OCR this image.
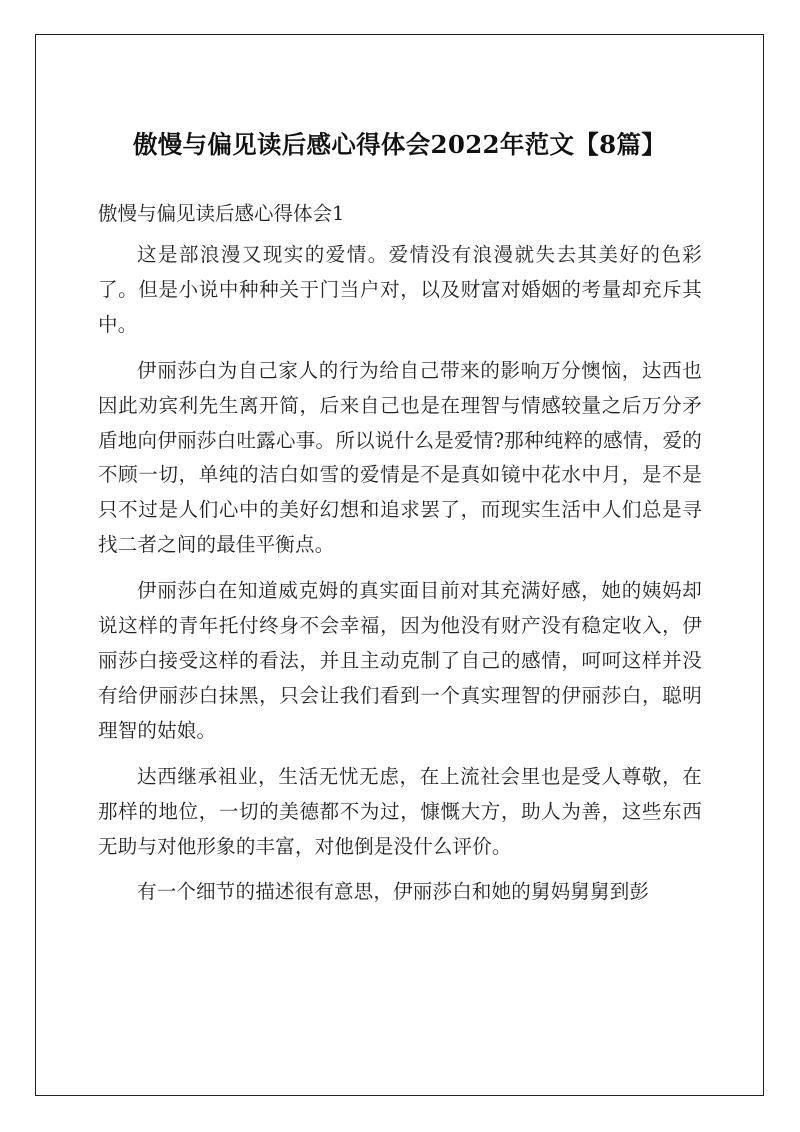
傲慢与偏见读后感心得体会2022年范文【8篇】

傲慢与偏见读后感心得体会1

这是部浪漫又现实的爱情。爱情没有浪漫就失去其美好的色彩了。但是小说中种种关于门当户对，以及财富对婚姻的考量却充斥其中。

伊丽莎白为自己家人的行为给自己带来的影响万分懊恼，达西也因此劝宾利先生离开简，后来自己也是在理智与情感较量之后万分矛盾地向伊丽莎白吐露心事。所以说什么是爱情?那种纯粹的感情，爱的不顾一切，单纯的洁白如雪的爱情是不是真如镜中花水中月，是不是只不过是人们心中的美好幻想和追求罢了，而现实生活中人们总是寻找二者之间的最佳平衡点。

伊丽莎白在知道威克姆的真实面目前对其充满好感，她的姨妈却说这样的青年托付终身不会幸福，因为他没有财产没有稳定收入，伊丽莎白接受这样的看法，并且主动克制了自己的感情，呵呵这样并没有给伊丽莎白抹黑，只会让我们看到一个真实理智的伊丽莎白，聪明理智的姑娘。

达西继承祖业，生活无忧无虑，在上流社会里也是受人尊敬，在那样的地位，一切的美德都不为过，慷慨大方，助人为善，这些东西无助与对他形象的丰富，对他倒是没什么评价。

有一个细节的描述很有意思，伊丽莎白和她的舅妈舅舅到彭
